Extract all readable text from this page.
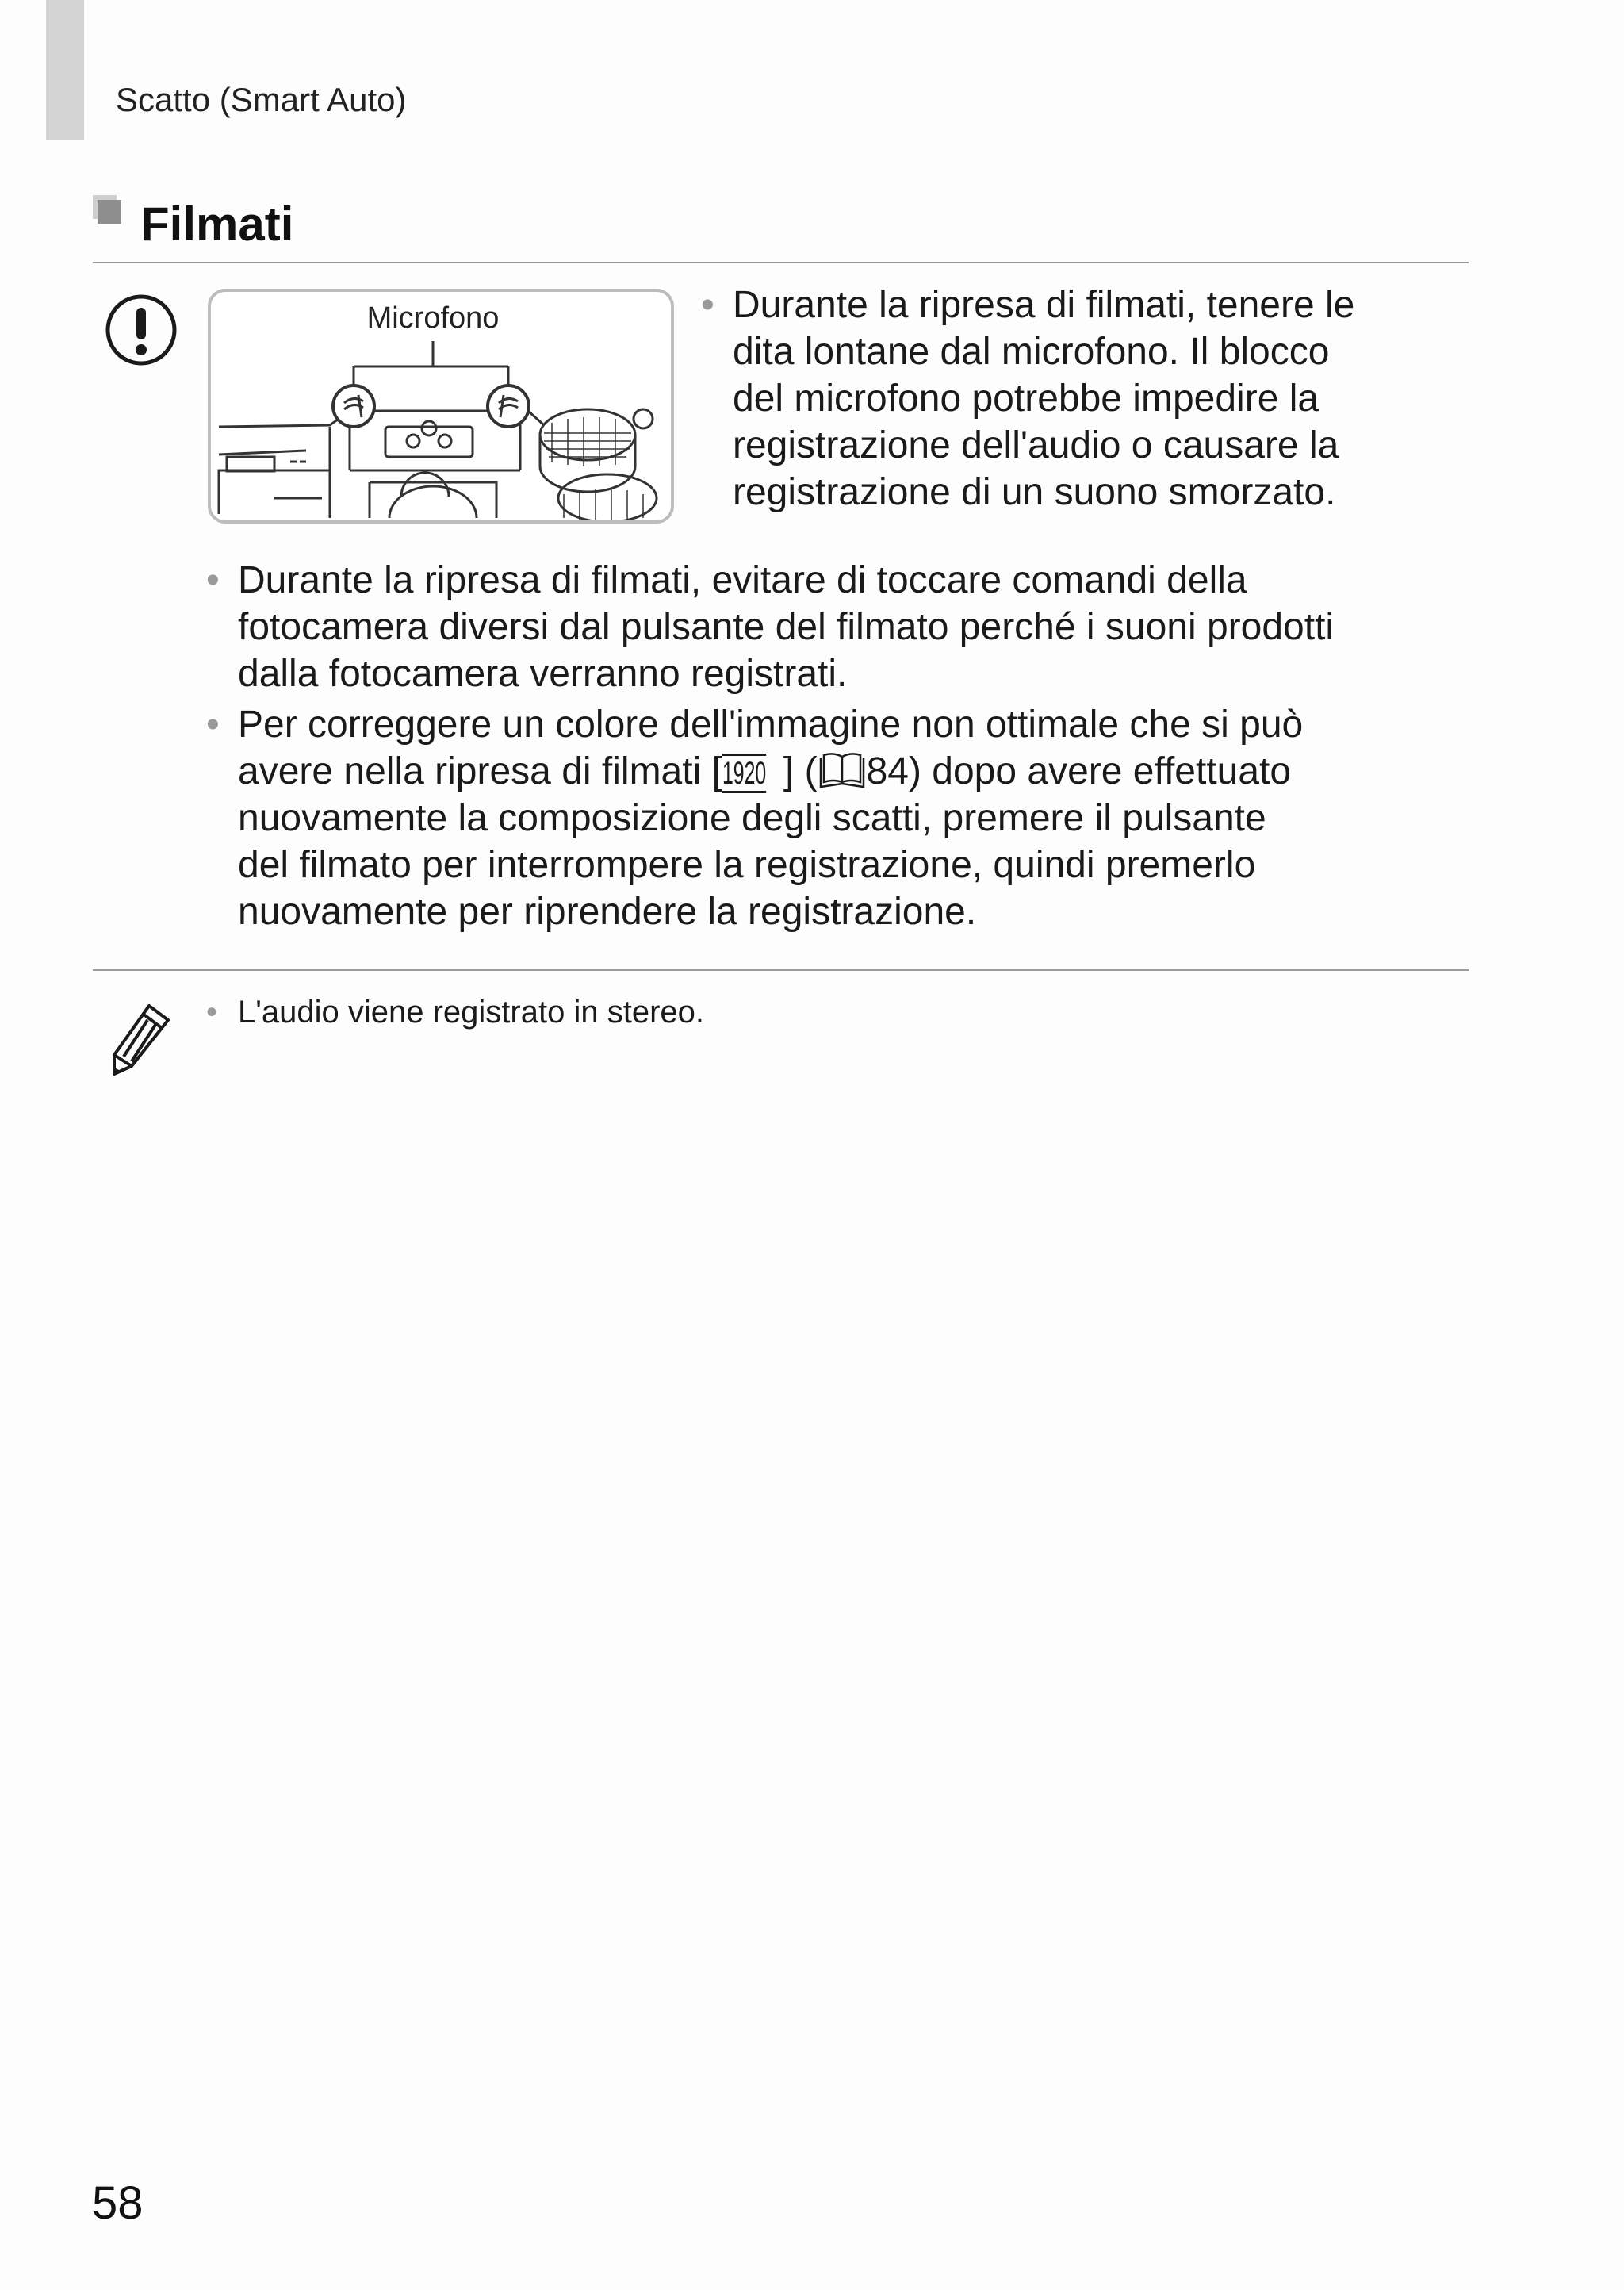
Scatto (Smart Auto)
Filmati
Microfono	• Durante la ripresa di filmati, tenere le
dita lontane dal microfono. Il blocco
del microfono potrebbe impedire la
registrazione dell'audio o causare la
registrazione di un suono smorzato.
• Durante la ripresa di filmati, evitare di toccare comandi della
fotocamera diversi dal pulsante del filmato perché i suoni prodotti
dalla fotocamera verranno registrati.
• Per correggere un colore dell'immagine non ottimale che si può
avere nella ripresa di filmati [1920 ] ( 84) dopo avere effettuato
nuovamente la composizione degli scatti, premere il pulsante
del filmato per interrompere la registrazione, quindi premerlo
nuovamente per riprendere la registrazione.
• L'audio viene registrato in stereo.
58
